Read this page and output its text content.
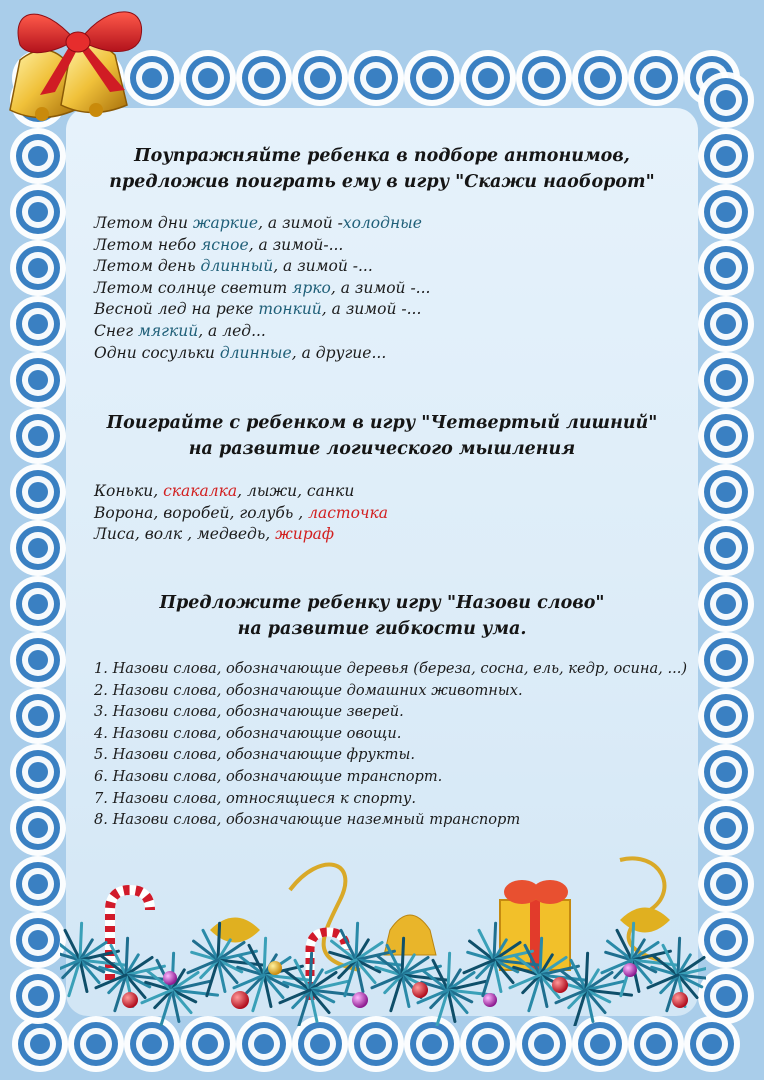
Поупражняйте ребенка в подборе антонимов,
предложив поиграть ему в игру "Скажи наоборот"
Летом дни жаркие, а зимой -холодные
Летом небо ясное, а зимой-...
Летом день длинный, а зимой -...
Летом солнце светит ярко, а зимой -...
Весной лед на реке тонкий, а зимой -...
Снег мягкий, а лед...
Одни сосульки длинные, а другие...
Поиграйте с ребенком в игру "Четвертый лишний"
на развитие логического мышления
Коньки, скакалка, лыжи, санки
Ворона, воробей, голубь , ласточка
Лиса, волк , медведь, жираф
Предложите ребенку игру "Назови слово"
на развитие гибкости ума.
1. Назови слова, обозначающие деревья (береза, сосна, ель, кедр, осина, ...)
2. Назови слова, обозначающие домашних животных.
3. Назови слова, обозначающие зверей.
4. Назови слова, обозначающие овощи.
5. Назови слова, обозначающие фрукты.
6. Назови слова, обозначающие транспорт.
7. Назови слова, относящиеся к спорту.
8. Назови слова, обозначающие наземный транспорт
